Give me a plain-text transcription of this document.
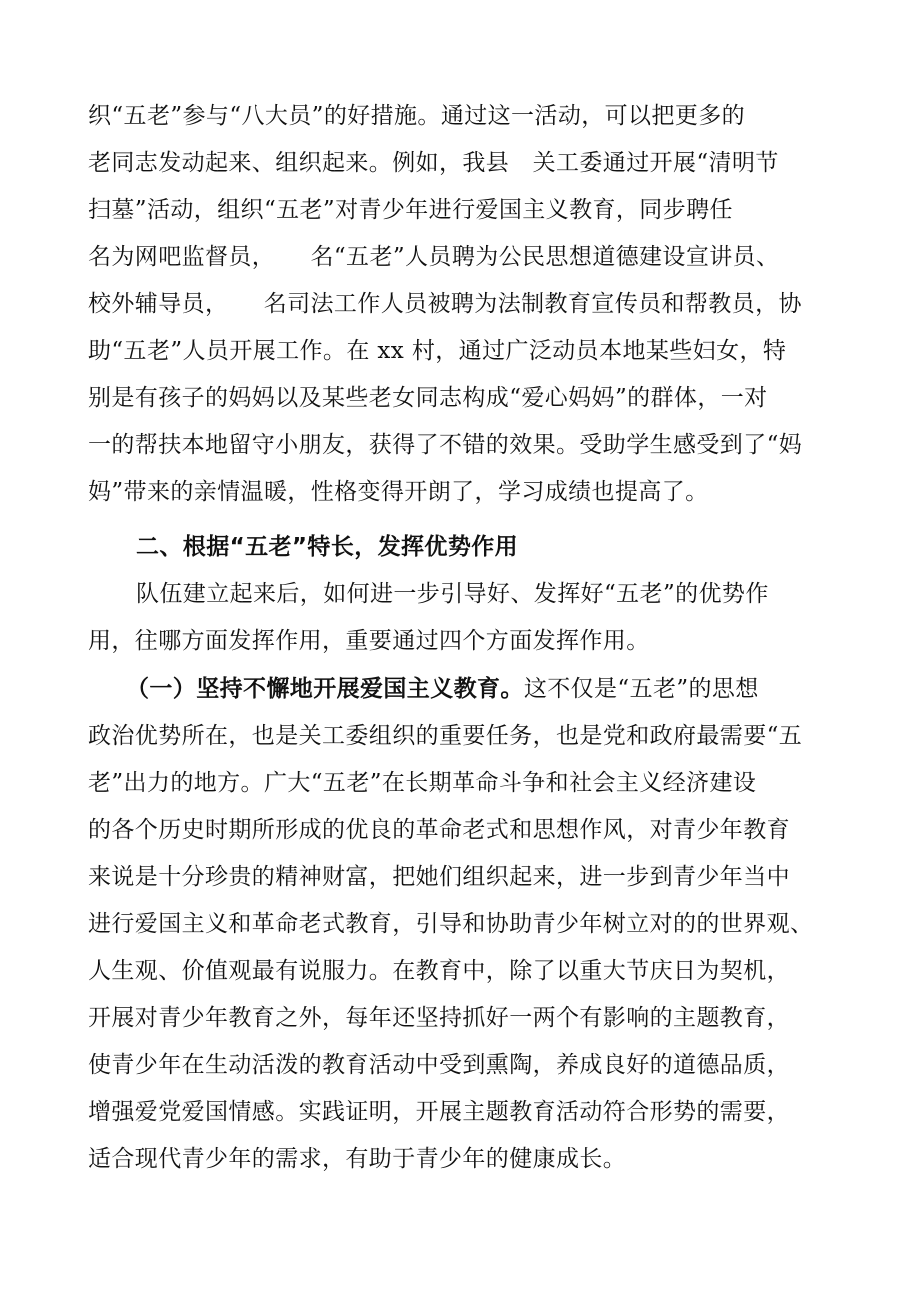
织“五老”参与“八大员”的好措施。通过这一活动，可以把更多的
老同志发动起来、组织起来。例如，我县　关工委通过开展“清明节
扫墓”活动，组织“五老”对青少年进行爱国主义教育，同步聘任
名为网吧监督员，　　名“五老”人员聘为公民思想道德建设宣讲员、
校外辅导员，　　名司法工作人员被聘为法制教育宣传员和帮教员，协
助“五老”人员开展工作。在 xx 村，通过广泛动员本地某些妇女，特
别是有孩子的妈妈以及某些老女同志构成“爱心妈妈”的群体，一对
一的帮扶本地留守小朋友，获得了不错的效果。受助学生感受到了“妈
妈”带来的亲情温暖，性格变得开朗了，学习成绩也提高了。
二、根据“五老”特长，发挥优势作用
队伍建立起来后，如何进一步引导好、发挥好“五老”的优势作
用，往哪方面发挥作用，重要通过四个方面发挥作用。
（一）坚持不懈地开展爱国主义教育。这不仅是“五老”的思想
政治优势所在，也是关工委组织的重要任务，也是党和政府最需要“五
老”出力的地方。广大“五老”在长期革命斗争和社会主义经济建设
的各个历史时期所形成的优良的革命老式和思想作风，对青少年教育
来说是十分珍贵的精神财富，把她们组织起来，进一步到青少年当中
进行爱国主义和革命老式教育，引导和协助青少年树立对的的世界观、
人生观、价值观最有说服力。在教育中，除了以重大节庆日为契机，
开展对青少年教育之外，每年还坚持抓好一两个有影响的主题教育，
使青少年在生动活泼的教育活动中受到熏陶，养成良好的道德品质，
增强爱党爱国情感。实践证明，开展主题教育活动符合形势的需要，
适合现代青少年的需求，有助于青少年的健康成长。
